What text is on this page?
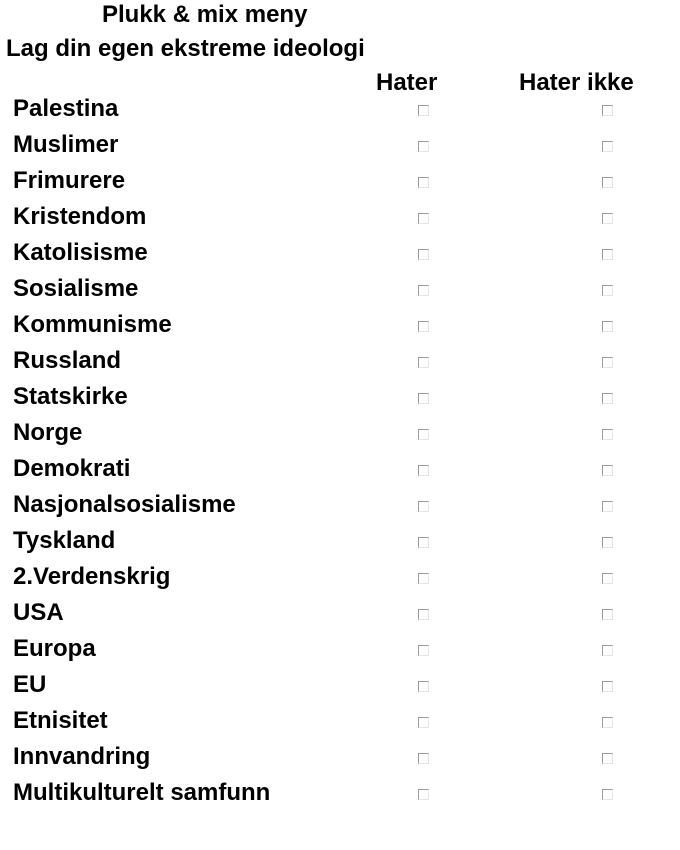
Plukk & mix meny
Lag din egen ekstreme ideologi
Hater	Hater ikke
Palestina
Muslimer
Frimurere
Kristendom
Katolisisme
Sosialisme
Kommunisme
Russland
Statskirke
Norge
Demokrati
Nasjonalsosialisme
Tyskland
2.Verdenskrig
USA
Europa
EU
Etnisitet
Innvandring
Multikulturelt samfunn
